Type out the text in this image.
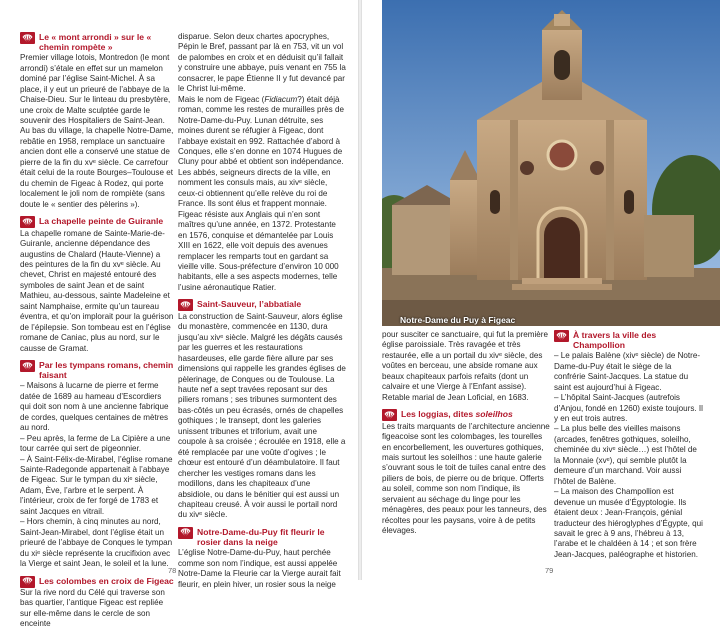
Le « mont arrondi » sur le « chemin rompète »

Premier village lotois, Montredon (le mont arrondi) s’étale en effet sur un mamelon dominé par l’église Saint-Michel. À sa place, il y eut un prieuré de l’abbaye de la Chaise-Dieu. Sur le linteau du presbytère, une croix de Malte sculptée garde le souvenir des Hospitaliers de Saint-Jean. Au bas du village, la chapelle Notre-Dame, rebâtie en 1958, remplace un sanctuaire ancien dont elle a conservé une statue de pierre de la fin du xvᵉ siècle. Ce carrefour était celui de la route Bourges–Toulouse et du chemin de Figeac à Rodez, qui porte localement le joli nom de rompiète (sans doute le « sentier des pèlerins »).

La chapelle peinte de Guiranle

La chapelle romane de Sainte-Marie-de-Guiranle, ancienne dépendance des augustins de Chalard (Haute-Vienne) a des peintures de la fin du xvᵉ siècle. Au chevet, Christ en majesté entouré des symboles de saint Jean et de saint Mathieu, au-dessous, sainte Madeleine et saint Namphaise, ermite qu’un taureau éventra, et qu’on implorait pour la guérison de l’épilepsie. Son tombeau est en l’église romane de Caniac, plus au nord, sur le causse de Gramat.

Par les tympans romans, chemin faisant

– Maisons à lucarne de pierre et ferme datée de 1689 au hameau d’Escordiers qui doit son nom à une ancienne fabrique de cordes, quelques centaines de mètres au nord.
– Peu après, la ferme de La Cipière a une tour carrée qui sert de pigeonnier.
– À Saint-Félix-de-Mirabel, l’église romane Sainte-Radegonde appartenait à l’abbaye de Figeac. Sur le tympan du xiᵉ siècle, Adam, Ève, l’arbre et le serpent. À l’intérieur, croix de fer forgé de 1783 et saint Jacques en vitrail.
– Hors chemin, à cinq minutes au nord, Saint-Jean-Mirabel, dont l’église était un prieuré de l’abbaye de Conques le tympan du xiᵉ siècle représente la crucifixion avec la Vierge et saint Jean, le soleil et la lune.

Les colombes en croix de Figeac

Sur la rive nord du Célé qui traverse son bas quartier, l’antique Figeac est repliée sur elle-même dans le cercle de son enceinte

disparue. Selon deux chartes apocryphes, Pépin le Bref, passant par là en 753, vit un vol de palombes en croix et en déduisit qu’il fallait y construire une abbaye, puis venant en 755 la consacrer, le pape Étienne II y fut devancé par le Christ lui-même.

Mais le nom de Figeac (Fidiacum?) était déjà roman, comme les restes de murailles près de Notre-Dame-du-Puy. Lunan détruite, ses moines durent se réfugier à Figeac, dont l’abbaye existait en 992. Rattachée d’abord à Conques, elle s’en donne en 1074 Hugues de Cluny pour abbé et obtient son indépendance. Les abbés, seigneurs directs de la ville, en nomment les consuls mais, au xivᵉ siècle, ceux-ci obtiennent qu’elle relève du roi de France. Ils sont élus et frappent monnaie. Figeac résiste aux Anglais qui n’en sont maîtres qu’une année, en 1372. Protestante en 1576, conquise et démantelée par Louis XIII en 1622, elle voit depuis des avenues remplacer les remparts tout en gardant sa vieille ville. Sous-préfecture d’environ 10 000 habitants, elle a ses aspects modernes, telle l’usine aéronautique Ratier.

Saint-Sauveur, l’abbatiale

La construction de Saint-Sauveur, alors église du monastère, commencée en 1130, dura jusqu’au xivᵉ siècle. Malgré les dégâts causés par les guerres et les restaurations hasardeuses, elle garde fière allure par ses dimensions qui rappelle les grandes églises de pèlerinage, de Conques ou de Toulouse. La haute nef a sept travées reposant sur des piliers romans ; ses tribunes surmontent des bas-côtés un peu écrasés, ornés de chapelles gothiques ; le transept, dont les galeries unissent tribunes et triforium, avait une coupole à sa croisée ; écroulée en 1918, elle a été remplacée par une voûte d’ogives ; le chœur est entouré d’un déambulatoire. Il faut chercher les vestiges romans dans les modillons, dans les chapiteaux d’une absidiole, ou dans le bénitier qui est aussi un chapiteau creusé. À voir aussi le portail nord du xivᵉ siècle.

Notre-Dame-du-Puy fit fleurir le rosier dans la neige

L’église Notre-Dame-du-Puy, haut perchée comme son nom l’indique, est aussi appelée Notre-Dame la Fleurie car la Vierge aurait fait fleurir, en plein hiver, un rosier sous la neige

Notre-Dame du Puy à Figeac

pour susciter ce sanctuaire, qui fut la première église paroissiale. Très ravagée et très restaurée, elle a un portail du xivᵉ siècle, des voûtes en berceau, une abside romane aux beaux chapiteaux parfois refaits (dont un calvaire et une Vierge à l’Enfant assise). Retable marial de Jean Loficial, en 1683.

Les loggias, dites soleilhos

Les traits marquants de l’architecture ancienne figeacoise sont les colombages, les tourelles en encorbellement, les ouvertures gothiques, mais surtout les soleilhos : une haute galerie s’ouvrant sous le toit de tuiles canal entre des piliers de bois, de pierre ou de brique. Offerts au soleil, comme son nom l’indique, ils servaient au séchage du linge pour les ménagères, des peaux pour les tanneurs, des récoltes pour les paysans, voire à de petits élevages.

À travers la ville des Champollion

– Le palais Balène (xivᵉ siècle) de Notre-Dame-du-Puy était le siège de la confrérie Saint-Jacques. La statue du saint est aujourd’hui à Figeac.
– L’hôpital Saint-Jacques (autrefois d’Anjou, fondé en 1260) existe toujours. Il y en eut trois autres.
– La plus belle des vieilles maisons (arcades, fenêtres gothiques, soleilho, cheminée du xivᵉ siècle…) est l’hôtel de la Monnaie (xvᵉ), qui semble plutôt la demeure d’un marchand. Voir aussi l’hôtel de Balène.
– La maison des Champollion est devenue un musée d’Égyptologie. Ils étaient deux : Jean-François, génial traducteur des hiéroglyphes d’Égypte, qui savait le grec à 9 ans, l’hébreu à 13, l’arabe et le chaldéen à 14 ; et son frère Jean-Jacques, paléographe et historien.

78	79
